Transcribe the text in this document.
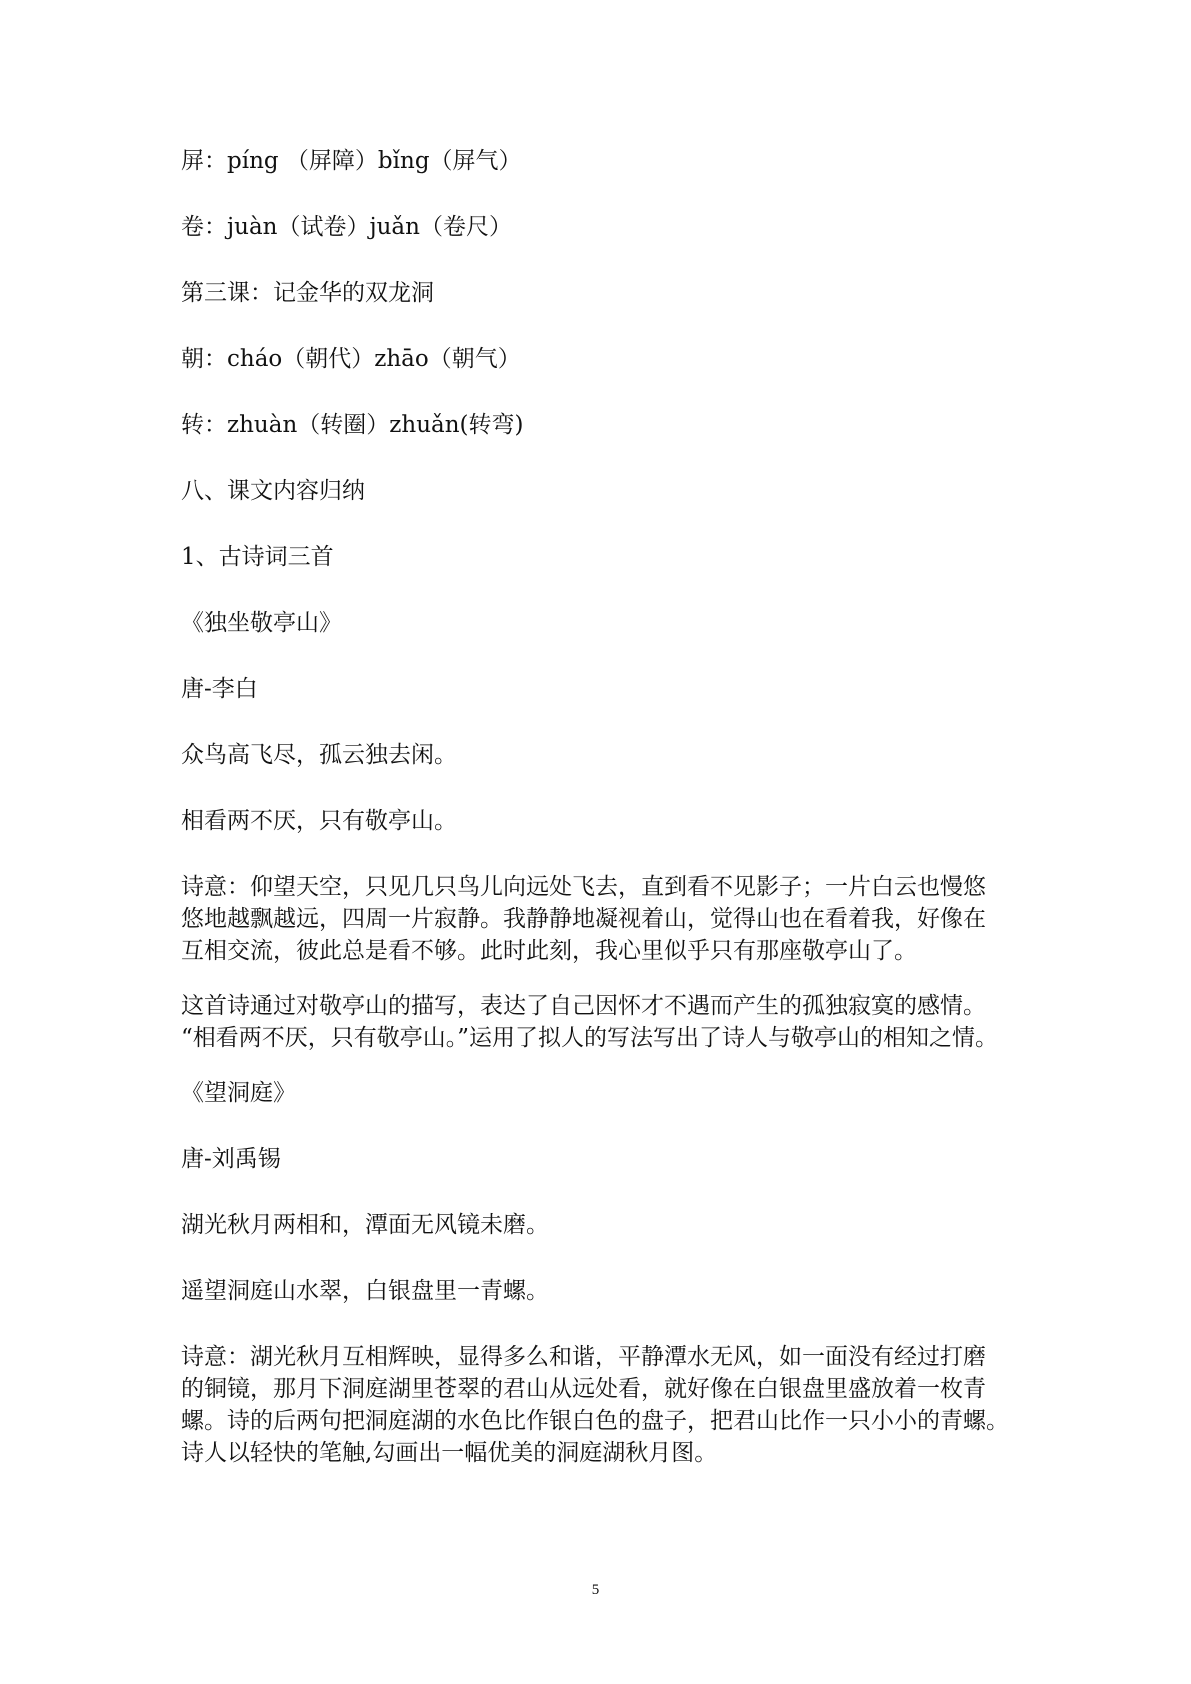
屏：píng （屏障）bǐng（屏气）

卷：juàn（试卷）juǎn（卷尺）

第三课：记金华的双龙洞

朝：cháo（朝代）zhāo（朝气）

转：zhuàn（转圈）zhuǎn(转弯)

八、课文内容归纳

1、古诗词三首

《独坐敬亭山》

唐-李白

众鸟高飞尽，孤云独去闲。

相看两不厌，只有敬亭山。

诗意：仰望天空，只见几只鸟儿向远处飞去，直到看不见影子；一片白云也慢悠
悠地越飘越远，四周一片寂静。我静静地凝视着山，觉得山也在看着我，好像在
互相交流，彼此总是看不够。此时此刻，我心里似乎只有那座敬亭山了。

这首诗通过对敬亭山的描写，表达了自己因怀才不遇而产生的孤独寂寞的感情。
“相看两不厌，只有敬亭山。”运用了拟人的写法写出了诗人与敬亭山的相知之情。

《望洞庭》

唐-刘禹锡

湖光秋月两相和，潭面无风镜未磨。

遥望洞庭山水翠，白银盘里一青螺。

诗意：湖光秋月互相辉映，显得多么和谐，平静潭水无风，如一面没有经过打磨
的铜镜，那月下洞庭湖里苍翠的君山从远处看，就好像在白银盘里盛放着一枚青
螺。诗的后两句把洞庭湖的水色比作银白色的盘子，把君山比作一只小小的青螺。
诗人以轻快的笔触,勾画出一幅优美的洞庭湖秋月图。

5
